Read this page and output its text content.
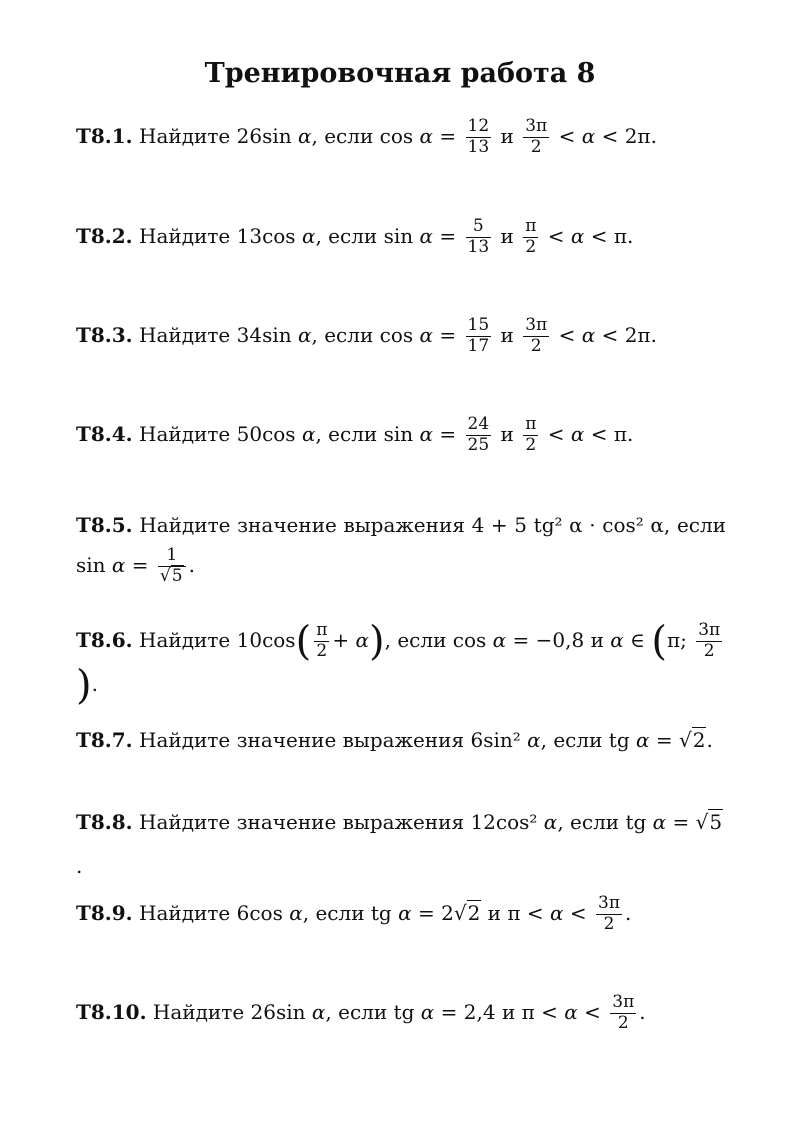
Тренировочная работа 8
T8.1. Найдите 26sin α, если $\cos \alpha = \frac{12}{13}$ и $\frac{3\pi}{2} < \alpha < 2\pi$.
T8.2. Найдите 13cos α, если $\sin \alpha = \frac{5}{13}$ и $\frac{\pi}{2} < \alpha < \pi$.
T8.3. Найдите 34sin α, если $\cos \alpha = \frac{15}{17}$ и $\frac{3\pi}{2} < \alpha < 2\pi$.
T8.4. Найдите 50cos α, если $\sin \alpha = \frac{24}{25}$ и $\frac{\pi}{2} < \alpha < \pi$.
T8.5. Найдите значение выражения 4 + 5 tg² α · cos² α, если
$\sin \alpha = \frac{1}{√5}$ .
T8.6. Найдите $10\cos( \frac{\pi}{2} + \alpha)$, если cos α = −0,8 и α ∈ (π; $\frac{3\pi}{2}$
).
T8.7. Найдите значение выражения 6sin² α, если tg α = √2.
T8.8. Найдите значение выражения 12cos² α, если tg α = √5.
T8.9. Найдите 6cos α, если tg α = 2√2 и $\pi < \alpha < \frac{3\pi}{2}$ .
T8.10. Найдите 26sin α, если tg α = 2,4 и $\pi < \alpha < \frac{3\pi}{2}$ .
